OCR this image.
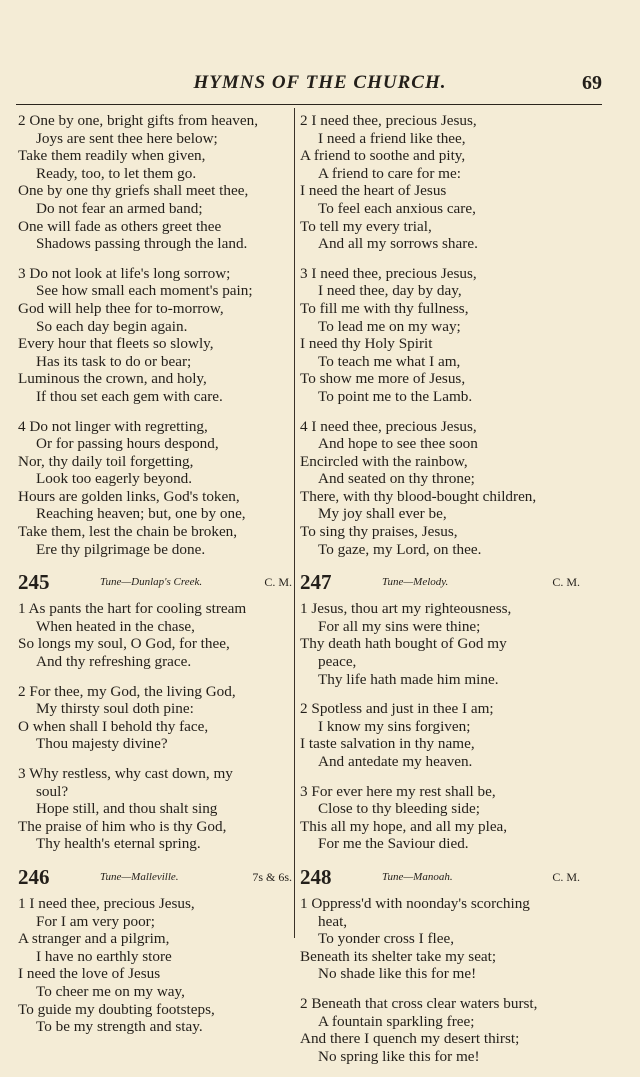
HYMNS OF THE CHURCH.	69
2 One by one, bright gifts from heaven,
Joys are sent thee here below;
Take them readily when given,
Ready, too, to let them go.
One by one thy griefs shall meet thee,
Do not fear an armed band;
One will fade as others greet thee
Shadows passing through the land.
3 Do not look at life's long sorrow;
See how small each moment's pain;
God will help thee for to-morrow,
So each day begin again.
Every hour that fleets so slowly,
Has its task to do or bear;
Luminous the crown, and holy,
If thou set each gem with care.
4 Do not linger with regretting,
Or for passing hours despond,
Nor, thy daily toil forgetting,
Look too eagerly beyond.
Hours are golden links, God's token,
Reaching heaven; but, one by one,
Take them, lest the chain be broken,
Ere thy pilgrimage be done.
245	Tune—Dunlap's Creek.	C. M.
1 As pants the hart for cooling stream
When heated in the chase,
So longs my soul, O God, for thee,
And thy refreshing grace.
2 For thee, my God, the living God,
My thirsty soul doth pine:
O when shall I behold thy face,
Thou majesty divine?
3 Why restless, why cast down, my
soul?
Hope still, and thou shalt sing
The praise of him who is thy God,
Thy health's eternal spring.
246	Tune—Malleville.	7s & 6s.
1 I need thee, precious Jesus,
For I am very poor;
A stranger and a pilgrim,
I have no earthly store
I need the love of Jesus
To cheer me on my way,
To guide my doubting footsteps,
To be my strength and stay.
2 I need thee, precious Jesus,
I need a friend like thee,
A friend to soothe and pity,
A friend to care for me:
I need the heart of Jesus
To feel each anxious care,
To tell my every trial,
And all my sorrows share.
3 I need thee, precious Jesus,
I need thee, day by day,
To fill me with thy fullness,
To lead me on my way;
I need thy Holy Spirit
To teach me what I am,
To show me more of Jesus,
To point me to the Lamb.
4 I need thee, precious Jesus,
And hope to see thee soon
Encircled with the rainbow,
And seated on thy throne;
There, with thy blood-bought children,
My joy shall ever be,
To sing thy praises, Jesus,
To gaze, my Lord, on thee.
247	Tune—Melody.	C. M.
1 Jesus, thou art my righteousness,
For all my sins were thine;
Thy death hath bought of God my
peace,
Thy life hath made him mine.
2 Spotless and just in thee I am;
I know my sins forgiven;
I taste salvation in thy name,
And antedate my heaven.
3 For ever here my rest shall be,
Close to thy bleeding side;
This all my hope, and all my plea,
For me the Saviour died.
248	Tune—Manoah.	C. M.
1 Oppress'd with noonday's scorching
heat,
To yonder cross I flee,
Beneath its shelter take my seat;
No shade like this for me!
2 Beneath that cross clear waters burst,
A fountain sparkling free;
And there I quench my desert thirst;
No spring like this for me!
